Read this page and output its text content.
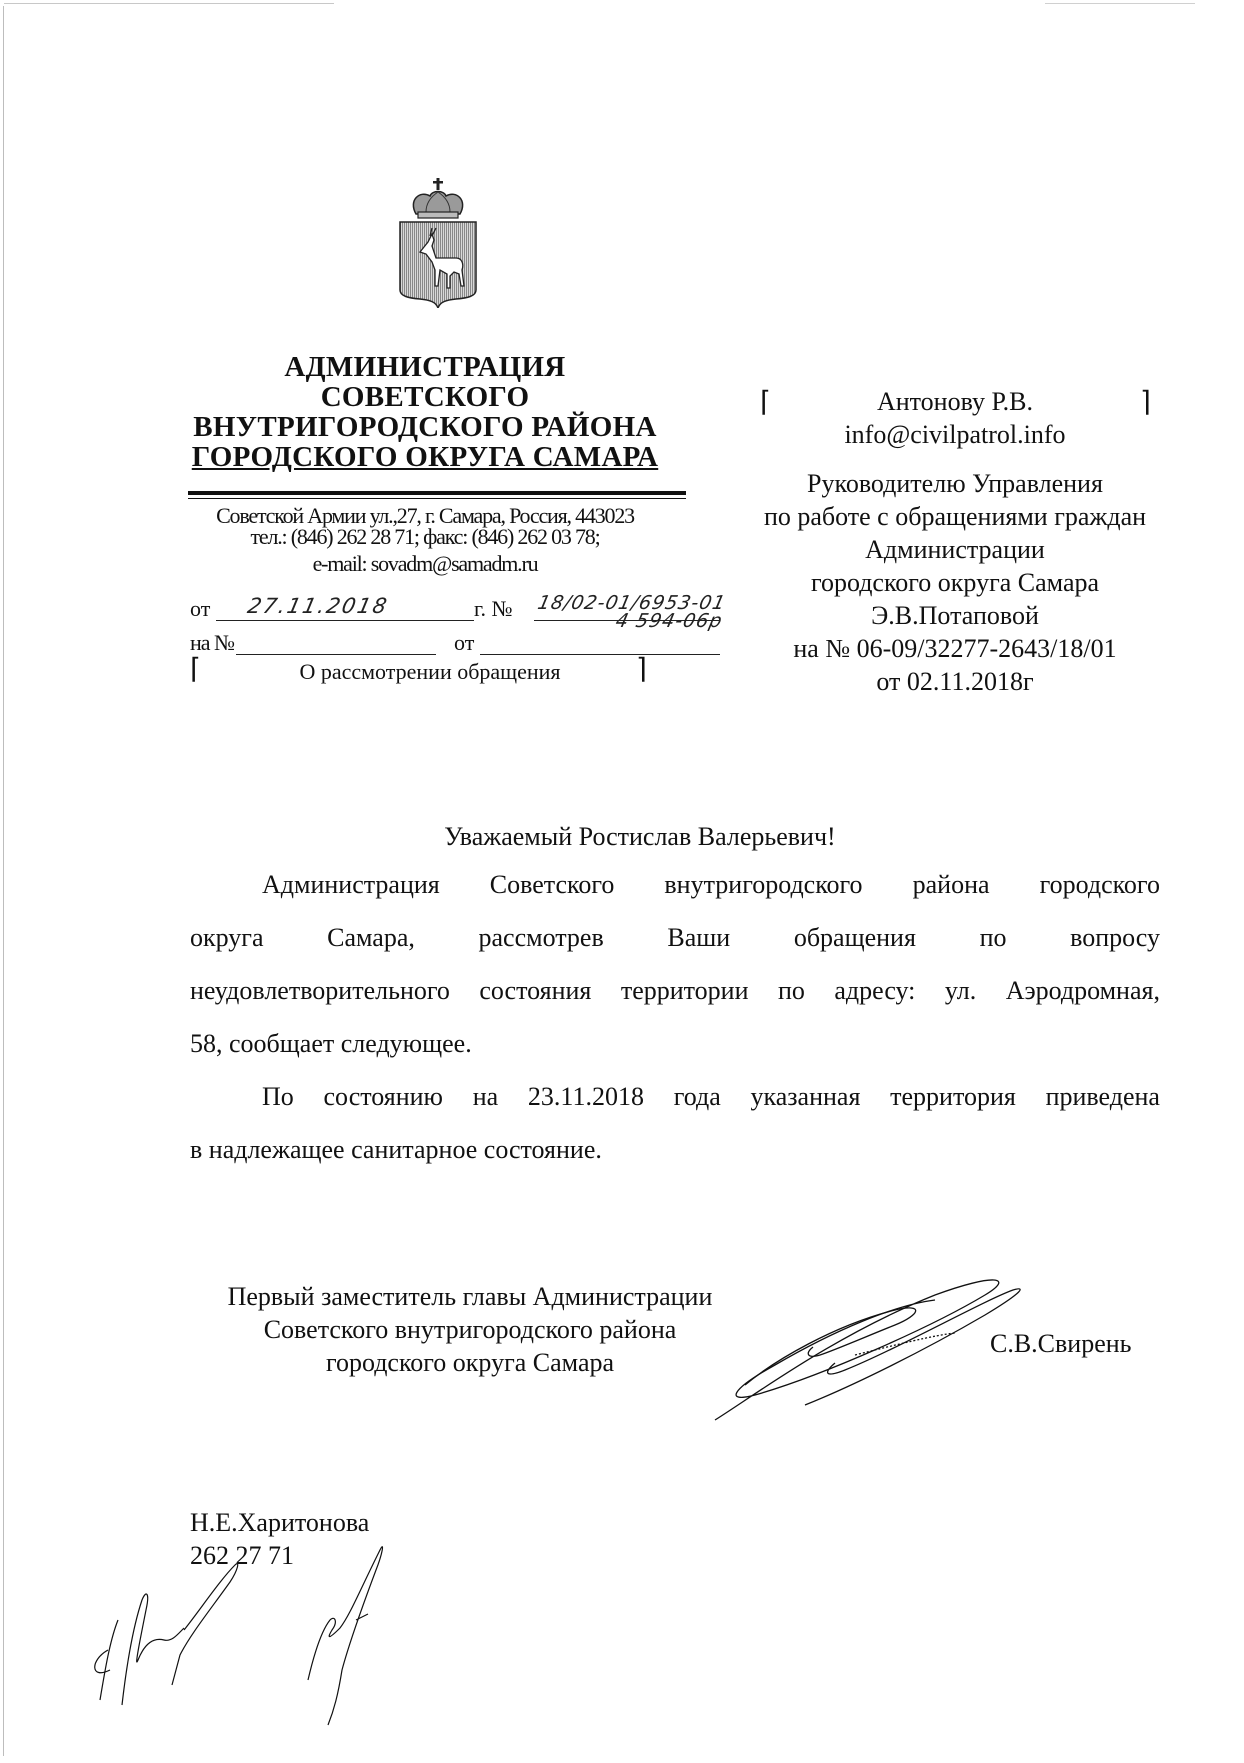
АДМИНИСТРАЦИЯ
СОВЕТСКОГО
ВНУТРИГОРОДСКОГО РАЙОНА
ГОРОДСКОГО ОКРУГА САМАРА
Советской Армии ул.,27, г. Самара, Россия, 443023
тел.: (846) 262 28 71; факс: (846) 262 03 78;
e-mail: sovadm@samadm.ru
от 27.11.2018	г. № 18/02-01/6953-01
на №	от
4 594-06р
⌈	О рассмотрении обращения	⌉
⌈	⌉
Антонову Р.В.
info@civilpatrol.info
Руководителю Управления
по работе с обращениями граждан
Администрации
городского округа Самара
Э.В.Потаповой
на № 06-09/32277-2643/18/01
от 02.11.2018г
Уважаемый Ростислав Валерьевич!
Администрация Советского внутригородского района городского
округа Самара, рассмотрев Ваши обращения по вопросу
неудовлетворительного состояния территории по адресу: ул. Аэродромная,
58, сообщает следующее.
По состоянию на 23.11.2018 года указанная территория приведена
в надлежащее санитарное состояние.
Первый заместитель главы Администрации
Советского внутригородского района
городского округа Самара
С.В.Свирень
Н.Е.Харитонова
262 27 71
